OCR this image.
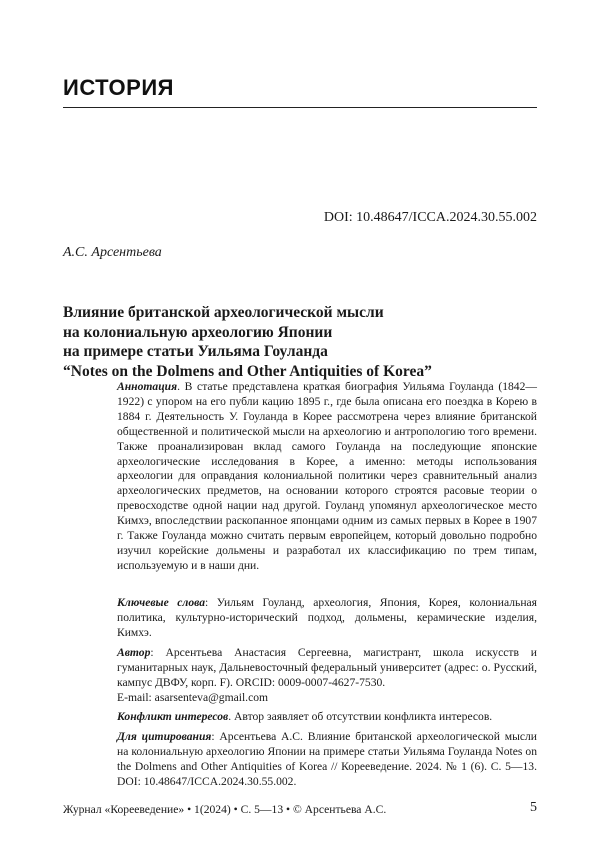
ИСТОРИЯ
DOI: 10.48647/ICCA.2024.30.55.002
А.С. Арсентьева
Влияние британской археологической мысли
на колониальную археологию Японии
на примере статьи Уильяма Гоуланда
“Notes on the Dolmens and Other Antiquities of Korea”
Аннотация. В статье представлена краткая биография Уильяма Гоуланда (1842—1922) с упором на его публи кацию 1895 г., где была описана его поездка в Корею в 1884 г. Деятельность У. Гоуланда в Корее рассмотрена через влияние британской общественной и политической мысли на археологию и антропологию того времени. Также проанализирован вклад самого Гоуланда на последующие японские археологические исследования в Корее, а именно: методы использования археологии для оправдания колониальной политики через сравнительный анализ археологических предметов, на основании которого строятся расовые теории о превосходстве одной нации над другой. Гоуланд упомянул археологическое место Кимхэ, впоследствии раскопанное японцами одним из самых первых в Корее в 1907 г. Также Гоуланда можно считать первым европейцем, который довольно подробно изучил корейские дольмены и разработал их классификацию по трем типам, используемую и в наши дни.
Ключевые слова: Уильям Гоуланд, археология, Япония, Корея, колониальная политика, культурно-исторический подход, дольмены, керамические изделия, Кимхэ.
Автор: Арсентьева Анастасия Сергеевна, магистрант, школа искусств и гуманитарных наук, Дальневосточный федеральный университет (адрес: о. Русский, кампус ДВФУ, корп. F). ORCID: 0009-0007-4627-7530.
E-mail: asarsenteva@gmail.com
Конфликт интересов. Автор заявляет об отсутствии конфликта интересов.
Для цитирования: Арсентьева А.С. Влияние британской археологической мысли на колониальную археологию Японии на примере статьи Уильяма Гоуланда Notes on the Dolmens and Other Antiquities of Korea // Корееведение. 2024. № 1 (6). С. 5—13. DOI: 10.48647/ICCA.2024.30.55.002.
Журнал «Корееведение» • 1(2024) • С. 5—13 • © Арсентьева А.С.	5
